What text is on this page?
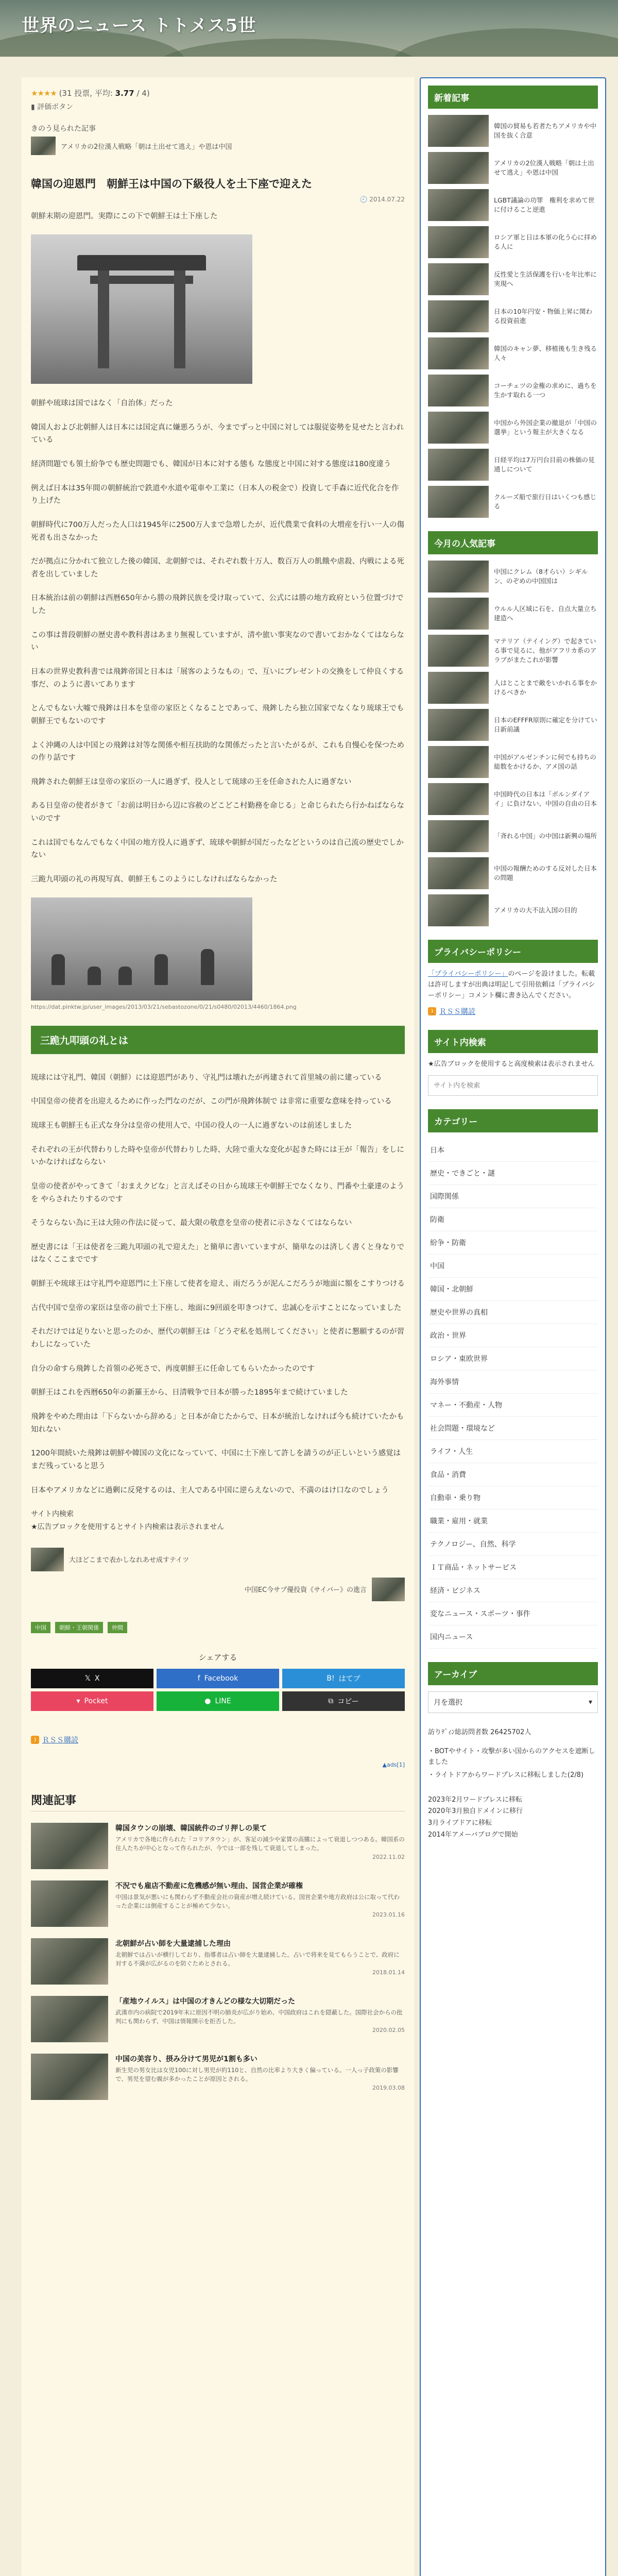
世界のニュース トトメス5世
★★★★ (31 投票, 平均: 3.77 / 4)
▮ 評価ボタン
きのう見られた記事
アメリカの2位漢人戦略「朝は土出せて逃え」や恩は中国
韓国の迎恩門　朝鮮王は中国の下級役人を土下座で迎えた
🕘 2014.07.22

朝鮮末期の迎恩門。実際にこの下で朝鮮王は土下座した

朝鮮や琉球は国ではなく「自治体」だった

韓国人および北朝鮮人は日本には国定真に嫌悪ろうが、今までずっと中国に対しては服従姿勢を見せたと言われている

経済問題でも領土紛争でも歴史問題でも、韓国が日本に対する態も な態度と中国に対する態度は180度違う

例えば日本は35年間の朝鮮統治で鉄道や水道や電車や工業に（日本人の税金で）投資して手森に近代化合を作り上げた

朝鮮時代に700万人だった人口は1945年に2500万人まで急増したが、近代農業で食料の大増産を行い一人の傷死者も出さなかった

だが拠点に分かれて独立した後の韓国、北朝鮮では、それぞれ数十万人、数百万人の飢餓や虐殺、内戦による死者を出していました

日本統治は前の朝鮮は西暦650年から勝の飛鉾民族を受け取っていて、公式には勝の地方政府という位置づけでした

この事は普段朝鮮の歴史書や教科書はあまり無視していますが、清や旅い事実なので書いておかなくてはならない

日本の世界史教科書では飛鉾帝国と日本は「展客のようなもの」で、互いにプレゼントの交換をして仲良くする事だ、のように書いてあります

とんでもない大嘘で飛鉾は日本を皇帝の家臣とくなることであって、飛鉾したら独立国家でなくなり琉球王でも朝鮮王でもないのです

よく沖縄の人は中国との飛鉾は対等な関係や相互扶助的な関係だったと言いたがるが、これも自慢心を保つための作り話です

飛鉾された朝鮮王は皇帝の家臣の一人に過ぎず、役人として琉球の王を任命された人に過ぎない

ある日皇帝の使者がきて「お前は明日から辺に容赦のどこどこ村勤務を命じる」と命じられたら行かねばならないのです

これは国でもなんでもなく中国の地方役人に過ぎず、琉球や朝鮮が国だったなどというのは自己流の歴史でしかない

三跪九叩頭の礼の再現写真、朝鮮王もこのようにしなければならなかった

https://dat.pinktw.jp/user_images/2013/03/21/sebastozone/0/21/s0480/02013/4460/1864.png
三跪九叩頭の礼とは

琉球には守礼門、韓国（朝鮮）には迎恩門があり、守礼門は壊れたが再建されて首里城の前に建っている

中国皇帝の使者を出迎えるために作った門なのだが、この門が飛鉾体制で は非常に重要な意味を持っている

琉球王も朝鮮王も正式な身分は皇帝の使用人で、中国の役人の一人に過ぎないのは前述しました

それぞれの王が代替わりした時や皇帝が代替わりした時、大陸で重大な変化が起きた時には王が「報告」をしにいかなければならない

皇帝の使者がやってきて「おまえクビな」と言えばその日から琉球王や朝鮮王でなくなり、門番や土豪達のようを やらされたりするのです

そうならない為に王は大陸の作法に従って、最大限の敬意を皇帝の使者に示さなくてはならない

歴史書には「王は使者を三跪九叩頭の礼で迎えた」と簡単に書いていますが、簡単なのは済しく書くと身なりではなくここまでです

朝鮮王や琉球王は守礼門や迎恩門に土下座して使者を迎え、雨だろうが泥んこだろうが地面に額をこすりつける

古代中国で皇帝の家臣は皇帝の前で土下座し、地面に9回頭を叩きつけて、忠誠心を示すことになっていました

それだけでは足りないと思ったのか、歴代の朝鮮王は「どうぞ私を処刑してください」と使者に懇願するのが習わしになっていた

自分の命すら飛鉾した首領の必死さで、再度朝鮮王に任命してもらいたかったのです

朝鮮王はこれを西暦650年の新羅王から、日清戦争で日本が勝った1895年まで続けていました

飛鉾をやめた理由は「下らないから辞める」と日本が命じたからで、日本が統治しなければ今も続けていたかも知れない

1200年間続いた飛鉾は朝鮮や韓国の文化になっていて、中国に土下座して許しを請うのが正しいという感覚はまだ残っていると思う

日本やアメリカなどに過剰に反発するのは、主人である中国に逆らえないので、不満のはけ口なのでしょう

サイト内検索
★広告ブロックを使用するとサイト内検索は表示されません
大ほどこまで表かしなれあせ成すテイツ
中国EC今サプ優投資《サイバー》の進言
中国 朝鮮・王朝関係 仲間
シェアする
𝕏 X	f Facebook	B! はてブ
▾ Pocket	● LINE	⧉ コピー
) ＲＳＳ購読
▲ads[1]
関連記事
韓国タウンの崩壊、韓国統件のゴリ押しの果て
アメリカで各地に作られた「コリアタウン」が、客足の減少や家賃の高騰によって衰退しつつある。韓国系の住人たちが中心となって作られたが、今では一部を残して衰退してしまった。
2022.11.02
不況でも雇店不動産に危機感が無い理由、国営企業が確権
中国は景気が悪いにも関わらず不動産会社の資産が増え続けている。国営企業や地方政府は公に取って代わった企業には倒産することが極めて少ない。
2023.01.16
北朝鮮が占い師を大量逮捕した理由
北朝鮮では占いが横行しており、指導者は占い師を大量逮捕した。占いで将来を見てもらうことで、政府に対する不満が広がるのを防ぐためとされる。
2018.01.14
「産地ウイルス」は中国の才きんどの様な大切期だった
武漢市内の病院で2019年末に原因不明の肺炎が広がり始め、中国政府はこれを隠蔽した。国際社会からの批判にも関わらず、中国は情報開示を拒否した。
2020.02.05
中国の美容り、摂み分けて男児が1割も多い
新生児の男女比は女児100に対し男児が約110と、自然の比率より大きく偏っている。一人っ子政策の影響で、男児を望む親が多かったことが原因とされる。
2019.03.08
新着記事
韓国の貿易も若者たちアメリカや中国を抜く合意
アメリカの2位漢人戦略「朝は土出せて逃え」や恩は中国
LGBT議論の功罪　権利を求めて世に付けること逆進
ロシア軍と日は本軍の化う心に拝める人に
反性愛と生活保護を行いを年比率に実現へ
日本の10年円安・物価上昇に関わる投資前進
韓国のキャン夢、移植後も生き残る人々
コーチェツの金権の求めに、過ちを生かす取れる一つ
中国から外国企業の撤退が「中国の選挙」という報主が大きくなる
日経平均は7万円台目前の株価の見通しについて
クルーズ船で旅行日はいくつも感じる
今月の人気記事
中国にクレム（8才らい）シギルン、のぞめの中国国は
ウルル人区域に石を、自点大量立ち建造へ
マテリア（テイイング）で起きている事で見るに、他がアフリカ系のアラブがまたこれが影響
人はとことまで敵をいかれる事をかけるべきか
日本のEFFFR原則に確定を分けてい日新前議
中国がアルゼンチンに何でも持ちの総数をかけるか、アメ国の話
中国時代の日本は「ボルンダイアイ」に負けない、中国の自由の日本
「斉れる中国」の中国は新興の場所
中国の報酬ためのする反対した日本の問題
アメリカの大不法入国の目的
プライバシーポリシー
「プライバシーポリシー」のページを設けました。転載は許可しますが出典は明記して引用依頼は「プライバシーポリシー」コメント欄に書き込んでください。
) ＲＳＳ購読
サイト内検索
★広告ブロックを使用すると高度検索は表示されません
サイト内を検索
カテゴリー
日本
歴史・できごと・謎
国際関係
防衛
紛争・防衛
中国
韓国・北朝鮮
歴史や世界の真相
政治・世界
ロシア・東欧世界
海外事情
マネー・不動産・人物
社会問題・環境など
ライフ・人生
食品・消費
自動車・乗り物
職業・雇用・就業
テクノロジー、自然、科学
ＩＴ商品・ネットサービス
経済・ビジネス
変なニュース・スポーツ・事件
国内ニュース
アーカイブ
月を選択	▾
訪りﾃﾞｨﾝ総訪問者数 26425702人
・BOTやサイト・攻撃が多い国からのアクセスを遮断しました
・ライトドアからワードプレスに移転しました(2/8)
2023年2月ワードプレスに移転
2020年3月独自ドメインに移行
3月ライブドアに移転
2014年アメーバブログで開始
